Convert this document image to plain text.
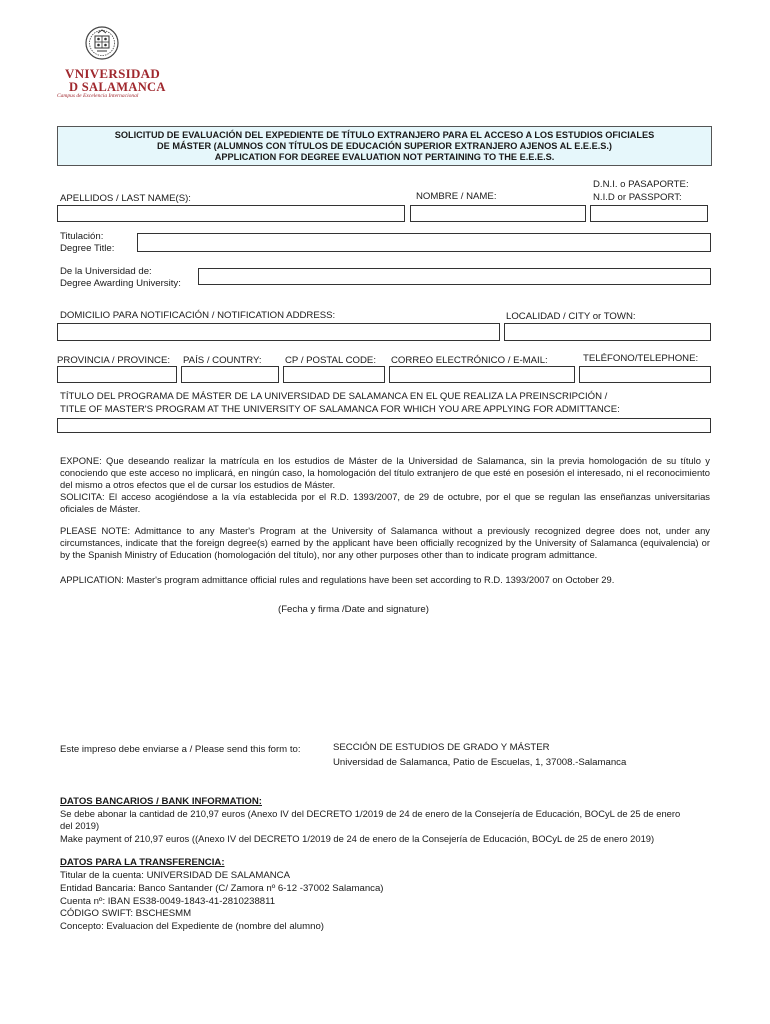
VNIVERSIDAD
D SALAMANCA
Campus de Excelencia Internacional
SOLICITUD DE EVALUACIÓN DEL EXPEDIENTE DE TÍTULO EXTRANJERO PARA EL ACCESO A LOS ESTUDIOS OFICIALES
DE MÁSTER (ALUMNOS CON TÍTULOS DE EDUCACIÓN SUPERIOR EXTRANJERO AJENOS AL E.E.E.S.)
APPLICATION FOR DEGREE EVALUATION NOT PERTAINING TO THE E.E.E.S.
APELLIDOS / LAST NAME(S):	NOMBRE / NAME:
D.N.I. o PASAPORTE:
N.I.D or PASSPORT:
Titulación:
Degree Title:
De la Universidad de:
Degree Awarding University:
DOMICILIO PARA NOTIFICACIÓN / NOTIFICATION ADDRESS:	LOCALIDAD / CITY or TOWN:
PROVINCIA / PROVINCE: PAÍS / COUNTRY: CP / POSTAL CODE: CORREO ELECTRÓNICO / E-MAIL:	TELÉFONO/TELEPHONE:
TÍTULO DEL PROGRAMA DE MÁSTER DE LA UNIVERSIDAD DE SALAMANCA EN EL QUE REALIZA LA PREINSCRIPCIÓN /
TITLE OF MASTER'S PROGRAM AT THE UNIVERSITY OF SALAMANCA FOR WHICH YOU ARE APPLYING FOR ADMITTANCE:
EXPONE: Que deseando realizar la matrícula en los estudios de Máster de la Universidad de Salamanca, sin la previa homologación de su título y conociendo que este acceso no implicará, en ningún caso, la homologación del título extranjero de que esté en posesión el interesado, ni el reconocimiento del mismo a otros efectos que el de cursar los estudios de Máster.
SOLICITA: El acceso acogiéndose a la vía establecida por el R.D. 1393/2007, de 29 de octubre, por el que se regulan las enseñanzas universitarias oficiales de Máster.
PLEASE NOTE: Admittance to any Master's Program at the University of Salamanca without a previously recognized degree does not, under any circumstances, indicate that the foreign degree(s) earned by the applicant have been officially recognized by the University of Salamanca (equivalencia) or by the Spanish Ministry of Education (homologación del título), nor any other purposes other than to indicate program admittance.
APPLICATION: Master's program admittance official rules and regulations have been set according to R.D. 1393/2007 on October 29.
(Fecha y firma /Date and signature)
Este impreso debe enviarse a / Please send this form to:	SECCIÓN DE ESTUDIOS DE GRADO Y MÁSTER
Universidad de Salamanca, Patio de Escuelas, 1, 37008.-Salamanca
DATOS BANCARIOS / BANK INFORMATION:
Se debe abonar la cantidad de 210,97 euros (Anexo IV del DECRETO 1/2019 de 24 de enero de la Consejería de Educación, BOCyL de 25 de enero del 2019)
Make payment of 210,97 euros ((Anexo IV del DECRETO 1/2019 de 24 de enero de la Consejería de Educación, BOCyL de 25 de enero 2019)
DATOS PARA LA TRANSFERENCIA:
Titular de la cuenta: UNIVERSIDAD DE SALAMANCA
Entidad Bancaria: Banco Santander (C/ Zamora nº 6-12 -37002 Salamanca)
Cuenta nº: IBAN ES38-0049-1843-41-2810238811
CÓDIGO SWIFT: BSCHESMM
Concepto: Evaluacion del Expediente de (nombre del alumno)
